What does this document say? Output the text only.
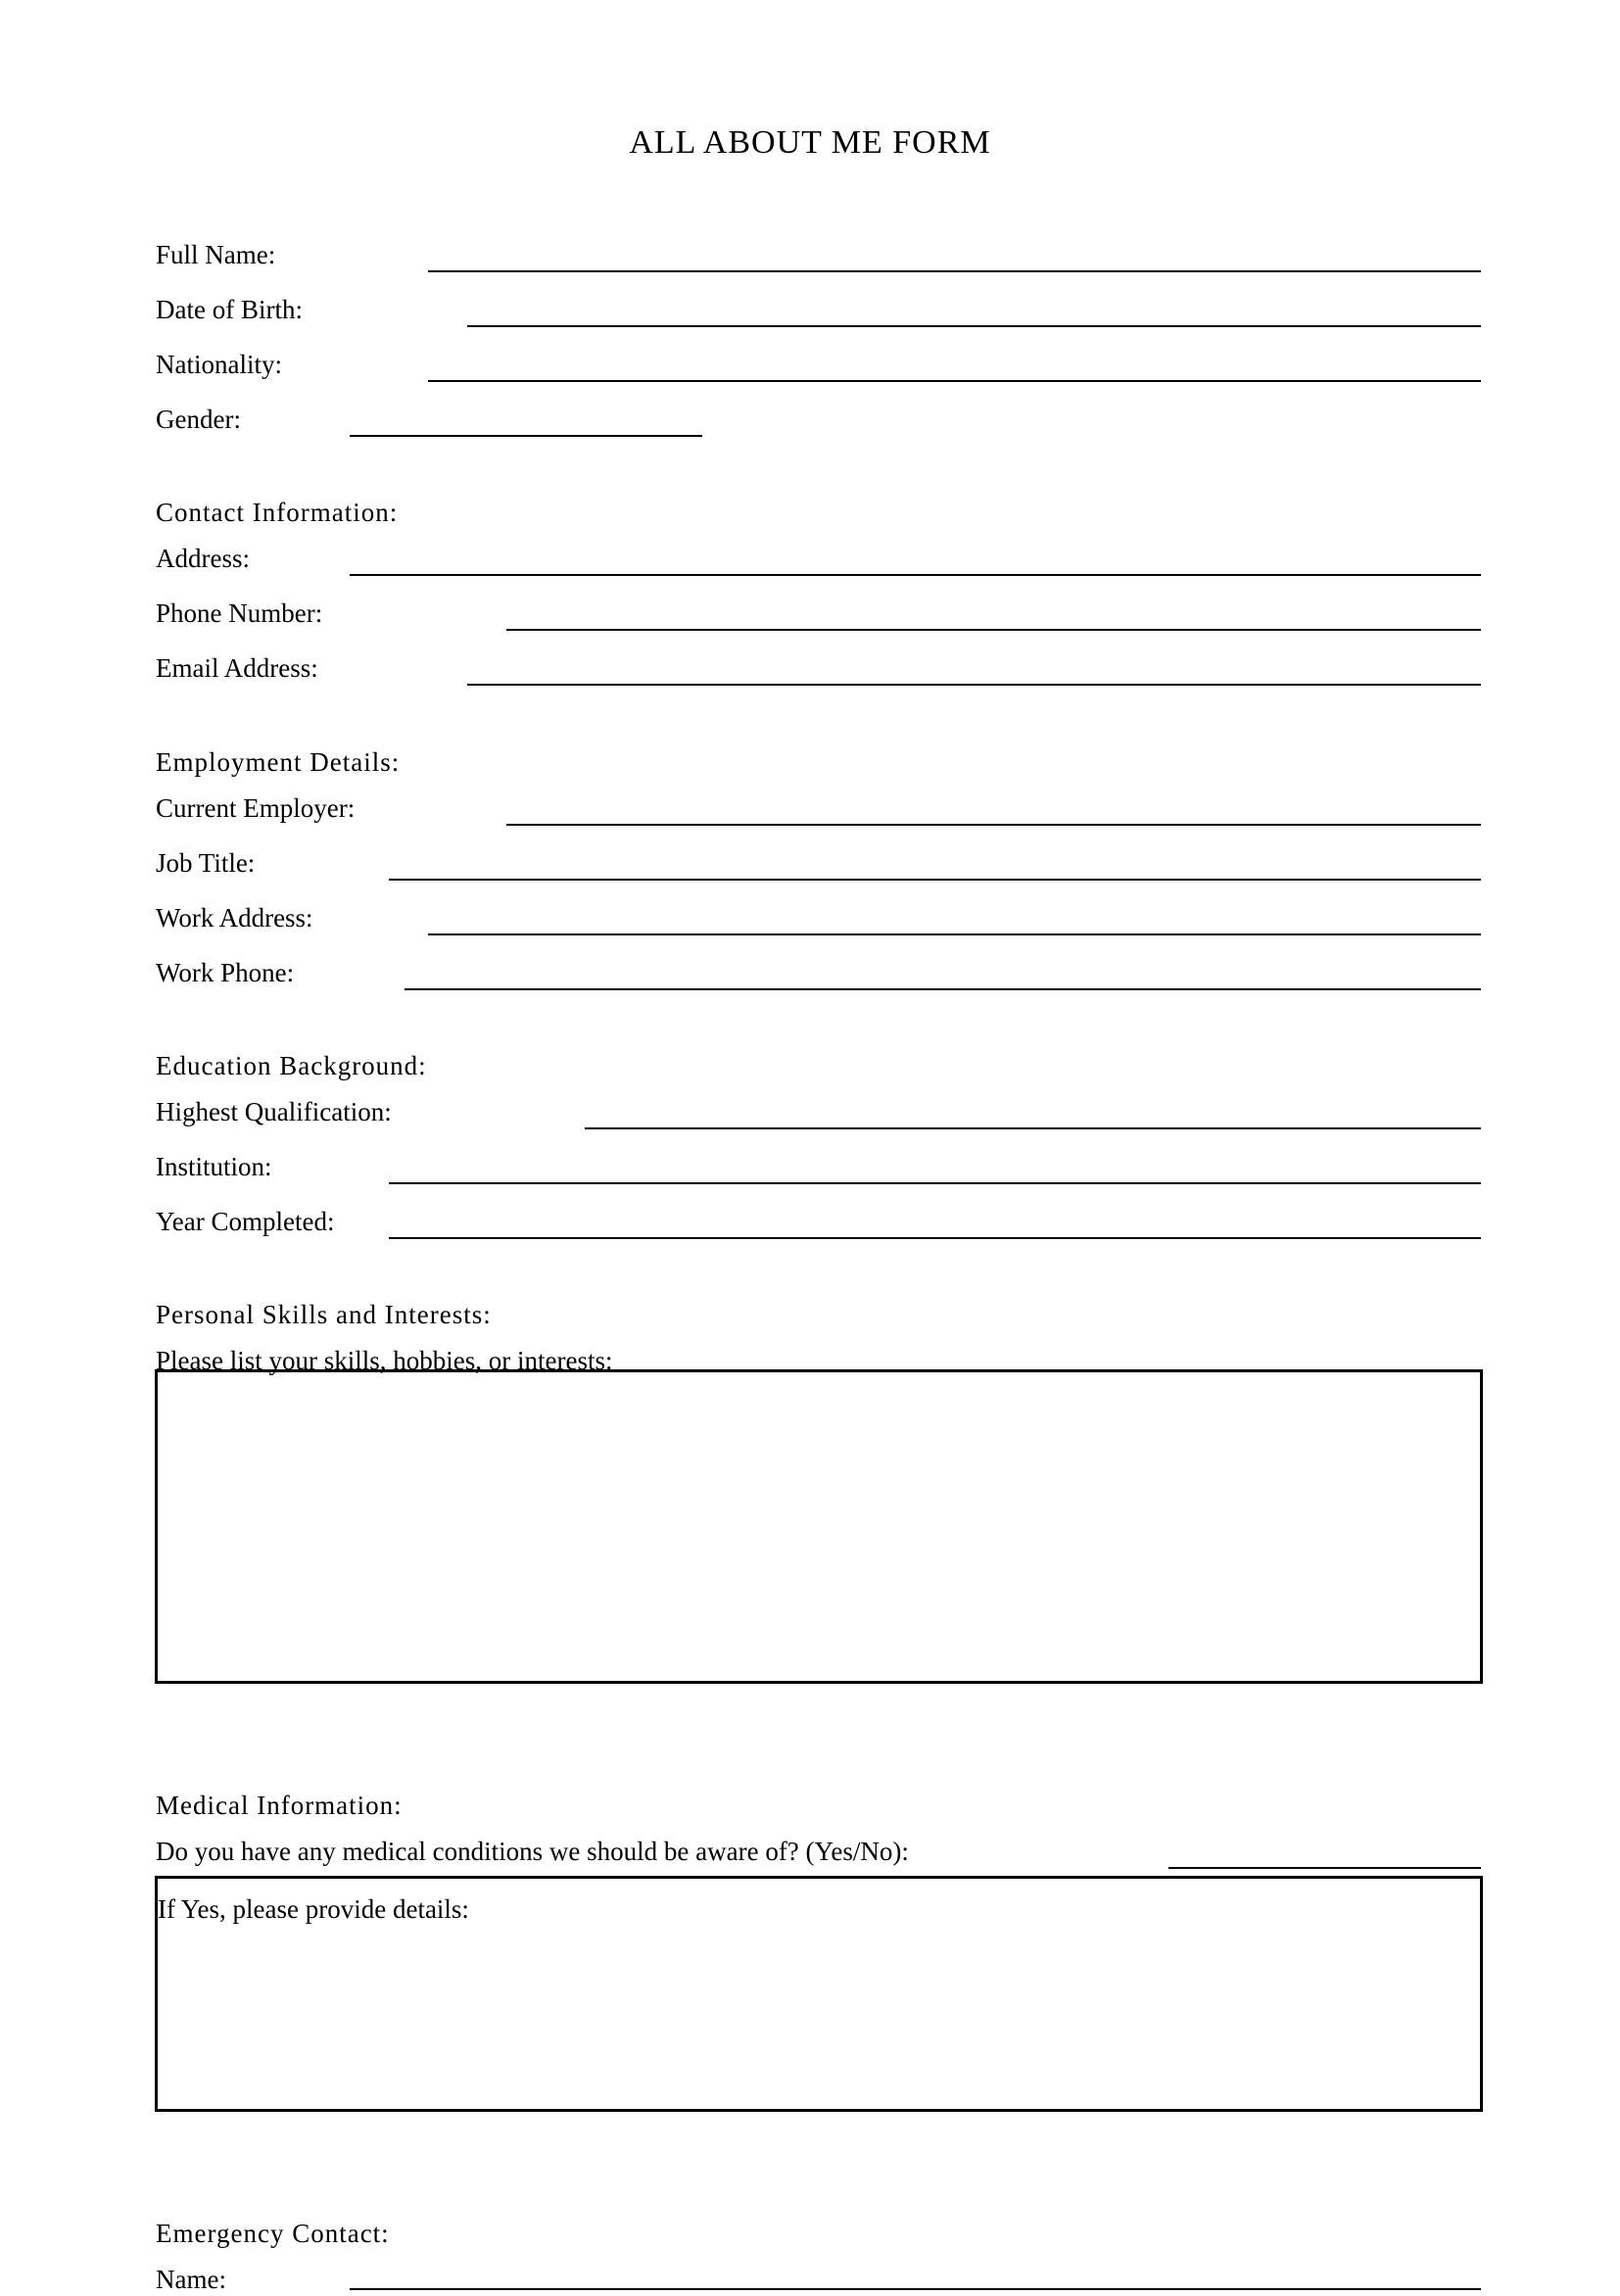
ALL ABOUT ME FORM
Full Name:
Date of Birth:
Nationality:
Gender:
Contact Information:
Address:
Phone Number:
Email Address:
Employment Details:
Current Employer:
Job Title:
Work Address:
Work Phone:
Education Background:
Highest Qualification:
Institution:
Year Completed:
Personal Skills and Interests:
Please list your skills, hobbies, or interests:
Medical Information:
Do you have any medical conditions we should be aware of? (Yes/No):
If Yes, please provide details:
Emergency Contact:
Name:
